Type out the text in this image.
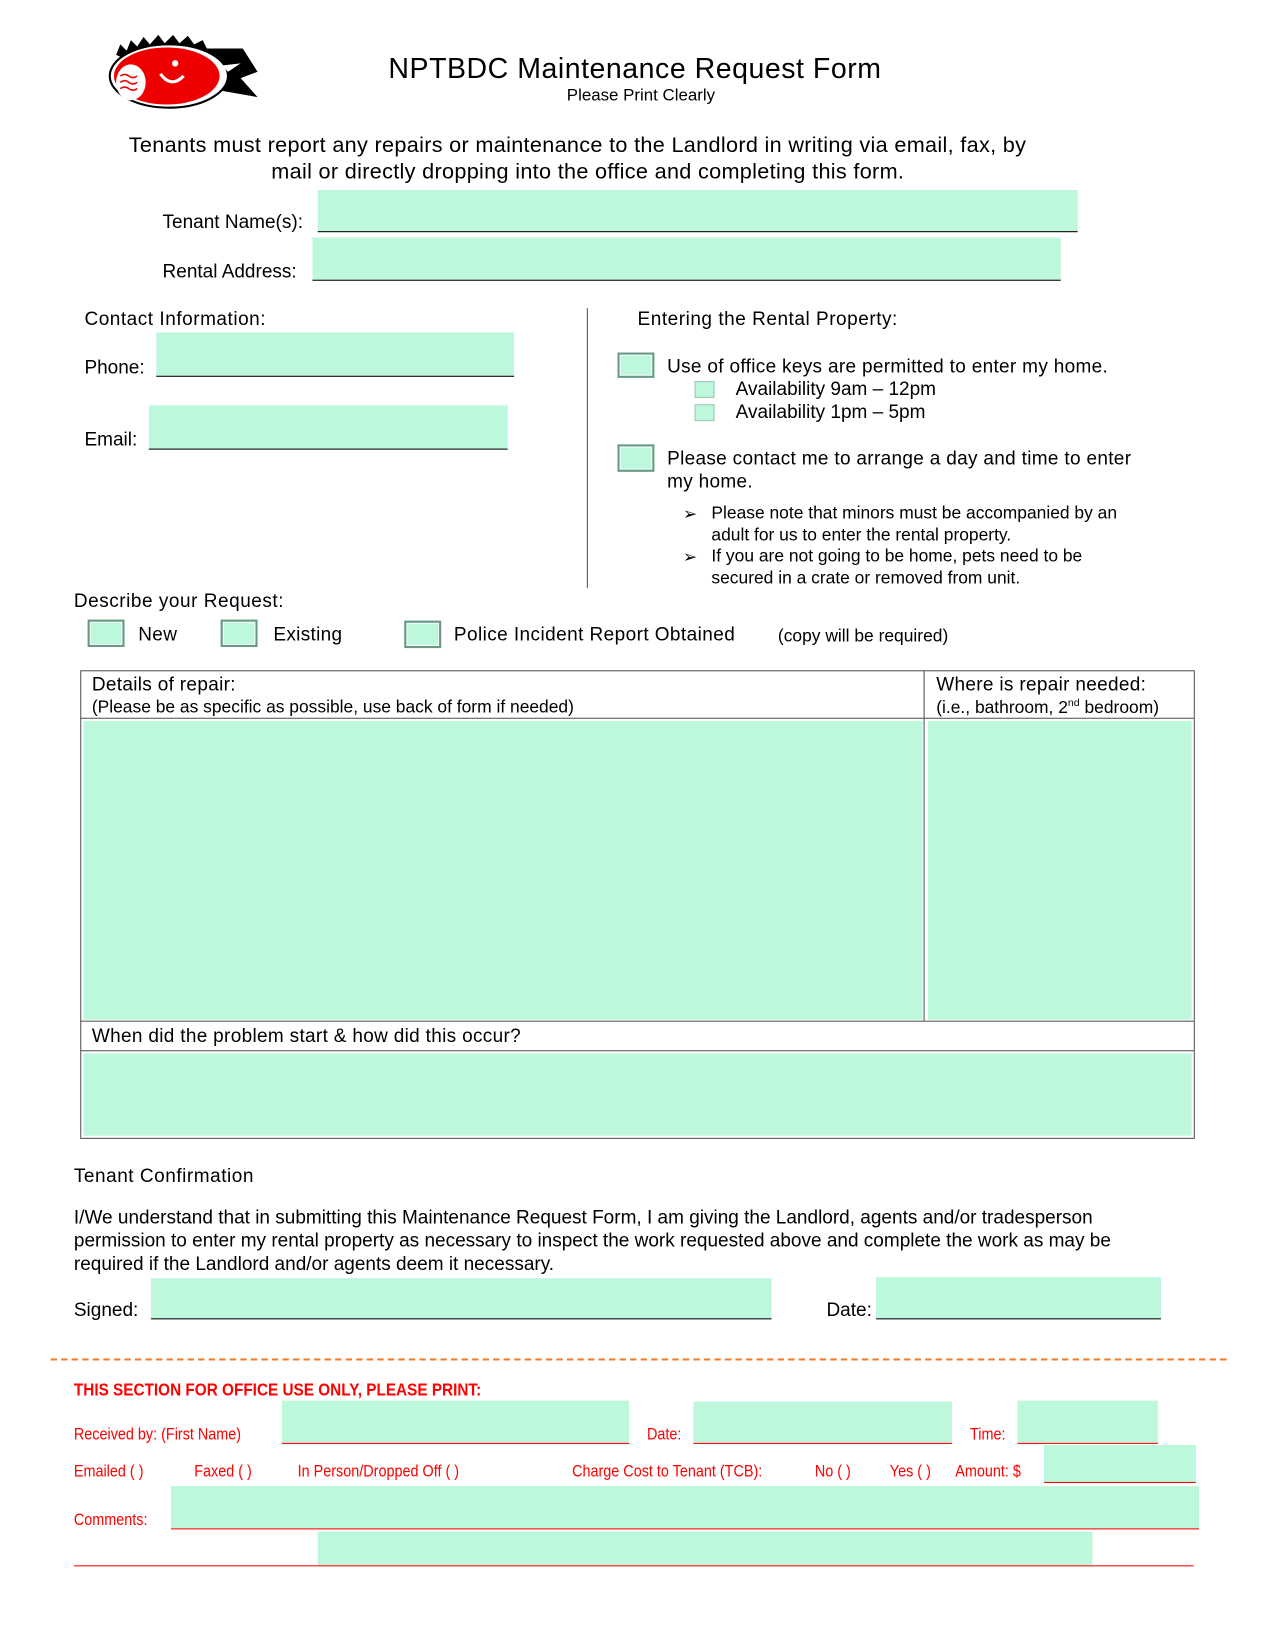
NPTBDC Maintenance Request Form
Please Print Clearly
Tenants must report any repairs or maintenance to the Landlord in writing via email, fax, by
mail or directly dropping into the office and completing this form.
Tenant Name(s):
Rental Address:
Contact Information:
Phone:
Email:
Entering the Rental Property:
Use of office keys are permitted to enter my home.
Availability 9am – 12pm
Availability 1pm – 5pm
Please contact me to arrange a day and time to enter
my home.
➢ Please note that minors must be accompanied by an
adult for us to enter the rental property.
➢ If you are not going to be home, pets need to be
secured in a crate or removed from unit.
Describe your Request:
New	Existing	Police Incident Report Obtained	(copy will be required)
Details of repair:
(Please be as specific as possible, use back of form if needed)
Where is repair needed:
(i.e., bathroom, 2nd bedroom)
When did the problem start & how did this occur?
Tenant Confirmation
I/We understand that in submitting this Maintenance Request Form, I am giving the Landlord, agents and/or tradesperson
permission to enter my rental property as necessary to inspect the work requested above and complete the work as may be
required if the Landlord and/or agents deem it necessary.
Signed:	Date:
THIS SECTION FOR OFFICE USE ONLY, PLEASE PRINT:
Received by: (First Name)	Date:	Time:
Emailed ( )	Faxed ( )	In Person/Dropped Off ( )	Charge Cost to Tenant (TCB):	No ( )	Yes ( ) Amount: $
Comments:
